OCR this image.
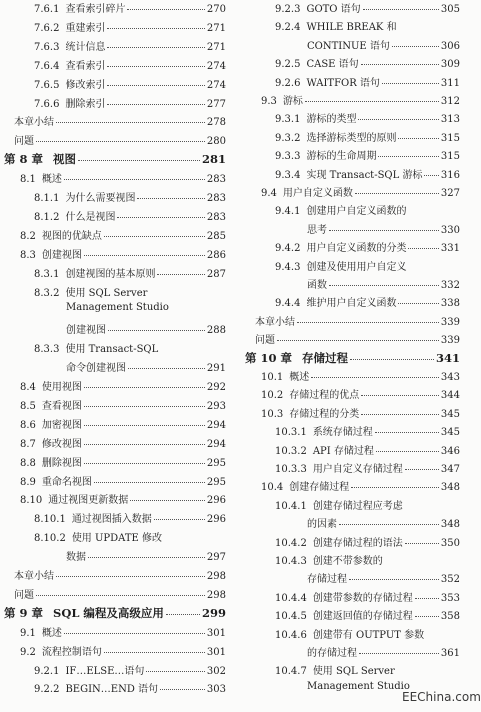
7.6.1 查看索引碎片	270
7.6.2 重建索引	271
7.6.3 统计信息	271
7.6.4 查看索引	274
7.6.5 修改索引	274
7.6.6 删除索引	277
本章小结	278
问题	280
第 8 章 视图	281
8.1 概述	283
8.1.1 为什么需要视图	283
8.1.2 什么是视图	283
8.2 视图的优缺点	285
8.3 创建视图	286
8.3.1 创建视图的基本原则	287
8.3.2 使用 SQL Server
Management Studio
创建视图	288
8.3.3 使用 Transact-SQL
命令创建视图	291
8.4 使用视图	292
8.5 查看视图	293
8.6 加密视图	294
8.7 修改视图	294
8.8 删除视图	295
8.9 重命名视图	295
8.10 通过视图更新数据	296
8.10.1 通过视图插入数据	296
8.10.2 使用 UPDATE 修改
数据	297
本章小结	298
问题	298
第 9 章 SQL 编程及高级应用	299
9.1 概述	301
9.2 流程控制语句	301
9.2.1 IF…ELSE…语句	302
9.2.2 BEGIN…END 语句	303
9.2.3 GOTO 语句	305
9.2.4 WHILE BREAK 和
CONTINUE 语句	306
9.2.5 CASE 语句	309
9.2.6 WAITFOR 语句	311
9.3 游标	312
9.3.1 游标的类型	313
9.3.2 选择游标类型的原则	315
9.3.3 游标的生命周期	315
9.3.4 实现 Transact-SQL 游标 316
9.4 用户自定义函数	327
9.4.1 创建用户自定义函数的
思考	330
9.4.2 用户自定义函数的分类	331
9.4.3 创建及使用用户自定义
函数	332
9.4.4 维护用户自定义函数	338
本章小结	339
问题	339
第 10 章 存储过程	341
10.1 概述	343
10.2 存储过程的优点	344
10.3 存储过程的分类	345
10.3.1 系统存储过程	345
10.3.2 API 存储过程	346
10.3.3 用户自定义存储过程	347
10.4 创建存储过程	348
10.4.1 创建存储过程应考虑
的因素	348
10.4.2 创建存储过程的语法	350
10.4.3 创建不带参数的
存储过程	352
10.4.4 创建带参数的存储过程	353
10.4.5 创建返回值的存储过程	358
10.4.6 创建带有 OUTPUT 参数
的存储过程	361
10.4.7 使用 SQL Server
Management Studio
EEChina.com
